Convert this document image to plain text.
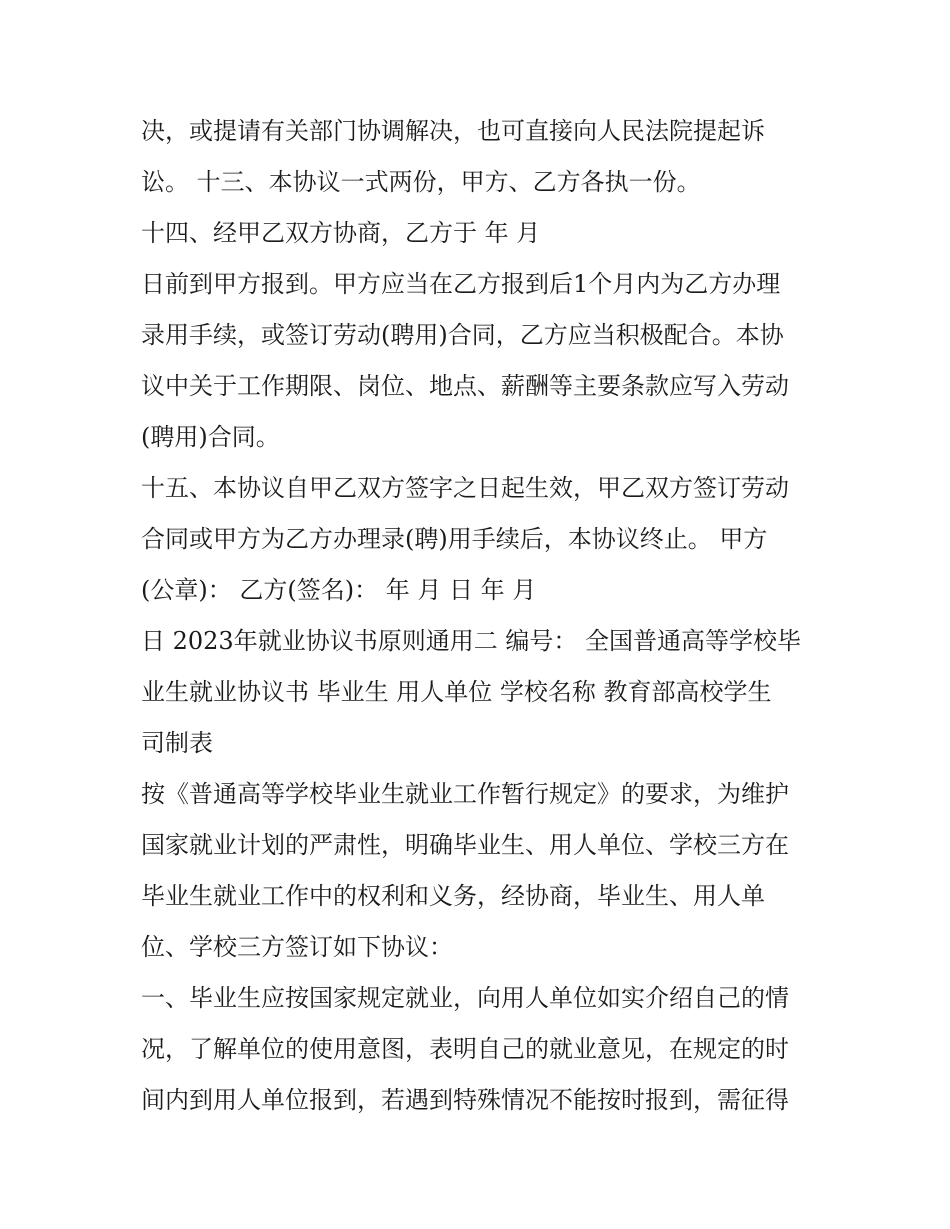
决，或提请有关部门协调解决，也可直接向人民法院提起诉
讼。 十三、本协议一式两份，甲方、乙方各执一份。
十四、经甲乙双方协商，乙方于 年 月
日前到甲方报到。甲方应当在乙方报到后1个月内为乙方办理
录用手续，或签订劳动(聘用)合同，乙方应当积极配合。本协
议中关于工作期限、岗位、地点、薪酬等主要条款应写入劳动
(聘用)合同。
十五、本协议自甲乙双方签字之日起生效，甲乙双方签订劳动
合同或甲方为乙方办理录(聘)用手续后，本协议终止。 甲方
(公章)： 乙方(签名)： 年 月 日 年 月
日 2023年就业协议书原则通用二 编号： 全国普通高等学校毕
业生就业协议书 毕业生 用人单位 学校名称 教育部高校学生
司制表
按《普通高等学校毕业生就业工作暂行规定》的要求，为维护
国家就业计划的严肃性，明确毕业生、用人单位、学校三方在
毕业生就业工作中的权利和义务，经协商，毕业生、用人单
位、学校三方签订如下协议：
一、毕业生应按国家规定就业，向用人单位如实介绍自己的情
况，了解单位的使用意图，表明自己的就业意见，在规定的时
间内到用人单位报到，若遇到特殊情况不能按时报到，需征得
